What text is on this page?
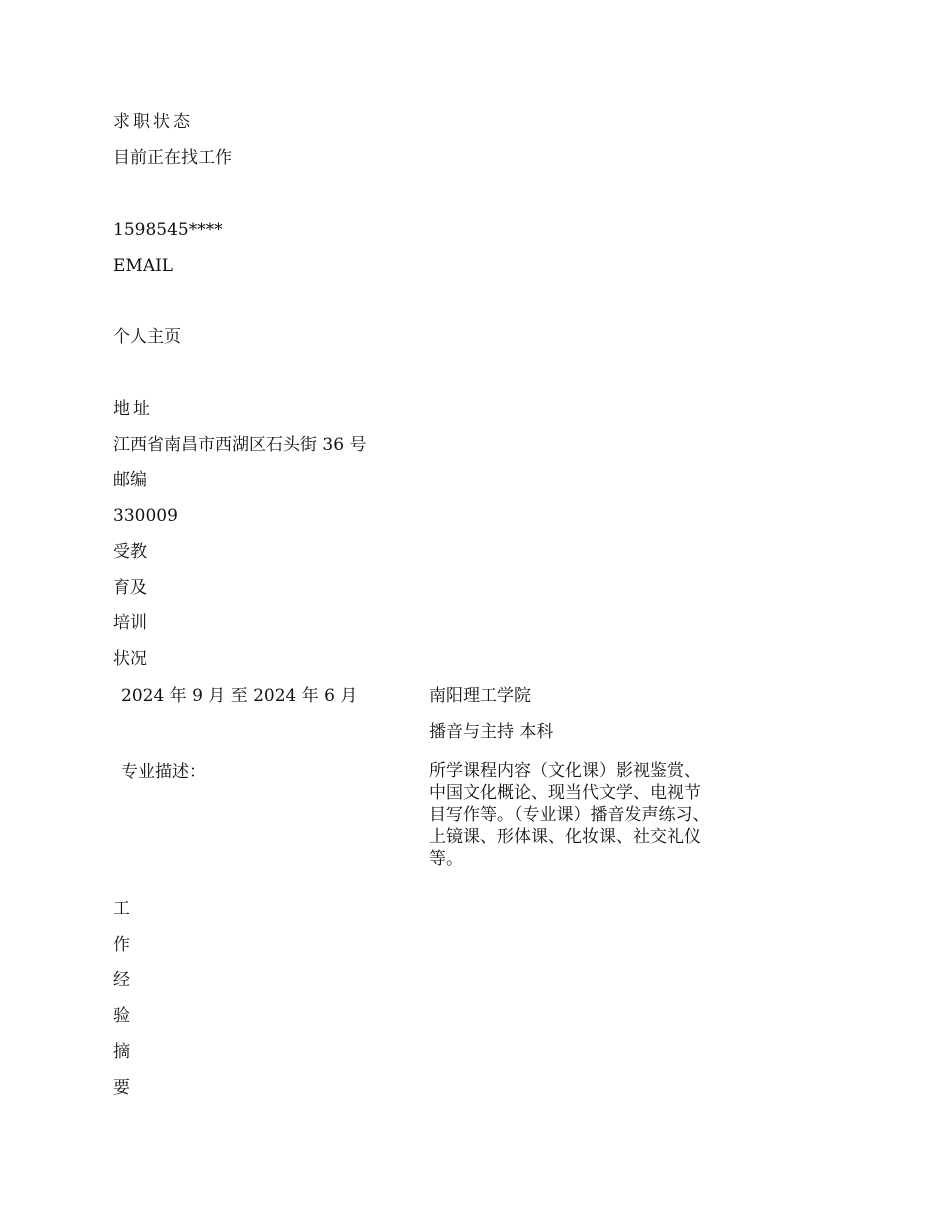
求职状态
目前正在找工作
1598545****
EMAIL
个人主页
地址
江西省南昌市西湖区石头街 36 号
邮编
330009
受教
育及
培训
状况
2024 年 9 月 至 2024 年 6 月	南阳理工学院
播音与主持 本科
专业描述：	所学课程内容（文化课）影视鉴赏、中国文化概论、现当代文学、电视节目写作等。（专业课）播音发声练习、上镜课、形体课、化妆课、社交礼仪等。
工
作
经
验
摘
要
